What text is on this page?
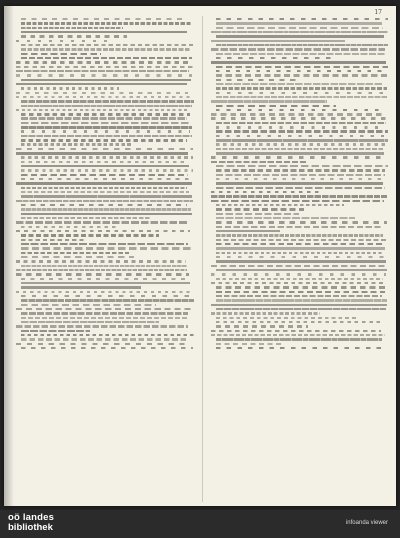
17
oö landes
bibliothek	infoanda viewer
